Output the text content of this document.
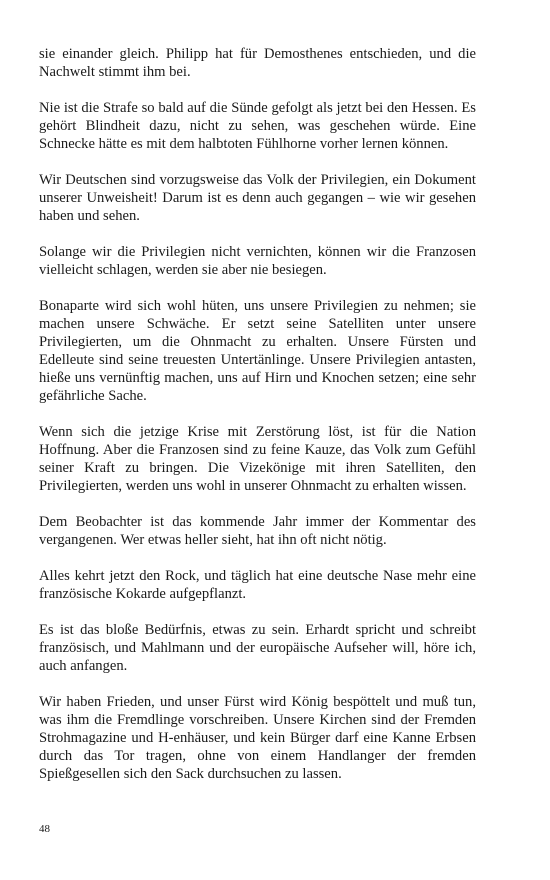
sie einander gleich. Philipp hat für Demosthenes entschieden, und die Nachwelt stimmt ihm bei.

Nie ist die Strafe so bald auf die Sünde gefolgt als jetzt bei den Hessen. Es gehört Blindheit dazu, nicht zu sehen, was geschehen würde. Eine Schnecke hätte es mit dem halbtoten Fühlhorne vorher lernen können.

Wir Deutschen sind vorzugsweise das Volk der Privilegien, ein Dokument unserer Unweisheit! Darum ist es denn auch gegangen – wie wir gesehen haben und sehen.

Solange wir die Privilegien nicht vernichten, können wir die Franzosen vielleicht schlagen, werden sie aber nie besiegen.

Bonaparte wird sich wohl hüten, uns unsere Privilegien zu nehmen; sie machen unsere Schwäche. Er setzt seine Satelliten unter unsere Privilegierten, um die Ohnmacht zu erhalten. Unsere Fürsten und Edelleute sind seine treuesten Untertänlinge. Unsere Privilegien antasten, hieße uns vernünftig machen, uns auf Hirn und Knochen setzen; eine sehr gefährliche Sache.

Wenn sich die jetzige Krise mit Zerstörung löst, ist für die Nation Hoffnung. Aber die Franzosen sind zu feine Kauze, das Volk zum Gefühl seiner Kraft zu bringen. Die Vizekönige mit ihren Satelliten, den Privilegierten, werden uns wohl in unserer Ohnmacht zu erhalten wissen.

Dem Beobachter ist das kommende Jahr immer der Kommentar des vergangenen. Wer etwas heller sieht, hat ihn oft nicht nötig.

Alles kehrt jetzt den Rock, und täglich hat eine deutsche Nase mehr eine französische Kokarde aufgepflanzt.

Es ist das bloße Bedürfnis, etwas zu sein. Erhardt spricht und schreibt französisch, und Mahlmann und der europäische Aufseher will, höre ich, auch anfangen.

Wir haben Frieden, und unser Fürst wird König bespöttelt und muß tun, was ihm die Fremdlinge vorschreiben. Unsere Kirchen sind der Fremden Strohmagazine und H-enhäuser, und kein Bürger darf eine Kanne Erbsen durch das Tor tragen, ohne von einem Handlanger der fremden Spießgesellen sich den Sack durchsuchen zu lassen.

48
